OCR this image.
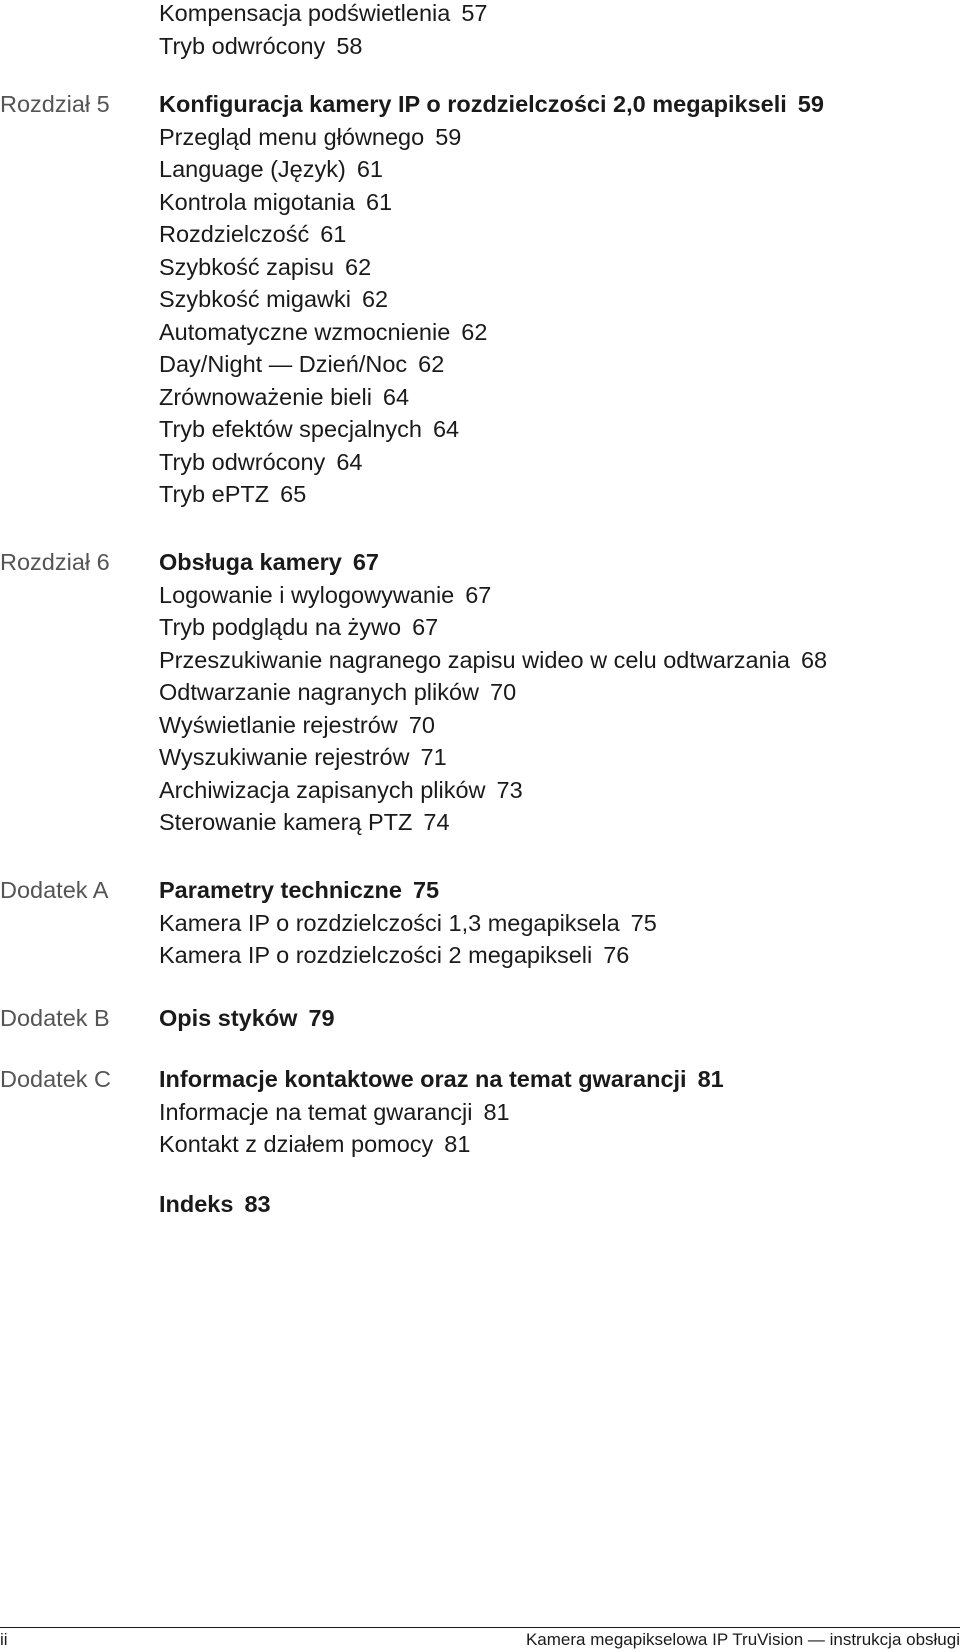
Kompensacja podświetlenia 57
Tryb odwrócony 58
Rozdział 5	Konfiguracja kamery IP o rozdzielczości 2,0 megapikseli 59
Przegląd menu głównego 59
Language (Język) 61
Kontrola migotania 61
Rozdzielczość 61
Szybkość zapisu 62
Szybkość migawki 62
Automatyczne wzmocnienie 62
Day/Night — Dzień/Noc 62
Zrównoważenie bieli 64
Tryb efektów specjalnych 64
Tryb odwrócony 64
Tryb ePTZ 65
Rozdział 6	Obsługa kamery 67
Logowanie i wylogowywanie 67
Tryb podglądu na żywo 67
Przeszukiwanie nagranego zapisu wideo w celu odtwarzania 68
Odtwarzanie nagranych plików 70
Wyświetlanie rejestrów 70
Wyszukiwanie rejestrów 71
Archiwizacja zapisanych plików 73
Sterowanie kamerą PTZ 74
Dodatek A	Parametry techniczne 75
Kamera IP o rozdzielczości 1,3 megapiksela 75
Kamera IP o rozdzielczości 2 megapikseli 76
Dodatek B	Opis styków 79
Dodatek C	Informacje kontaktowe oraz na temat gwarancji 81
Informacje na temat gwarancji 81
Kontakt z działem pomocy 81
Indeks 83
ii	Kamera megapikselowa IP TruVision — instrukcja obsługi
